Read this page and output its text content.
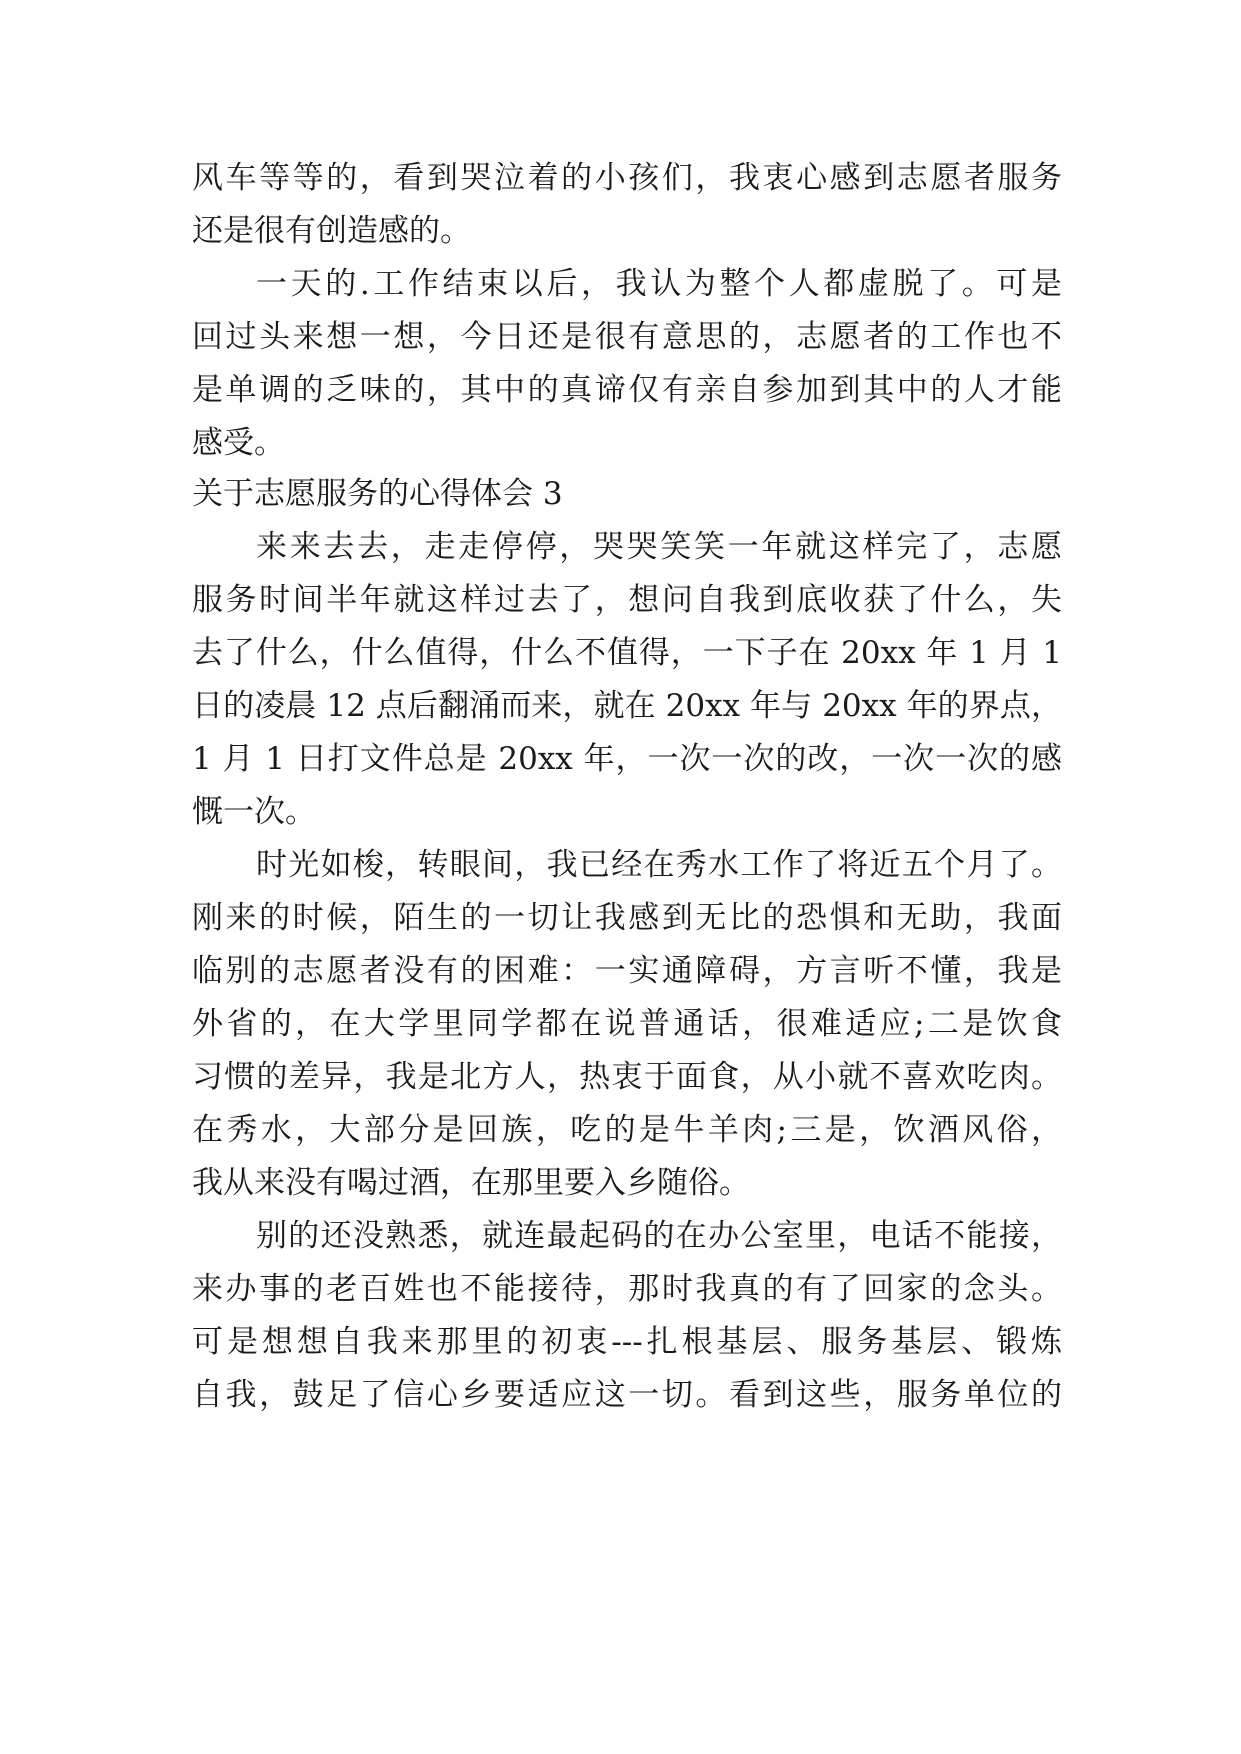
风车等等的，看到哭泣着的小孩们，我衷心感到志愿者服务
还是很有创造感的。
一天的.工作结束以后，我认为整个人都虚脱了。可是
回过头来想一想，今日还是很有意思的，志愿者的工作也不
是单调的乏味的，其中的真谛仅有亲自参加到其中的人才能
感受。
关于志愿服务的心得体会 3
来来去去，走走停停，哭哭笑笑一年就这样完了，志愿
服务时间半年就这样过去了，想问自我到底收获了什么，失
去了什么，什么值得，什么不值得，一下子在 20xx 年 1 月 1
日的凌晨 12 点后翻涌而来，就在 20xx 年与 20xx 年的界点，
1 月 1 日打文件总是 20xx 年，一次一次的改，一次一次的感
慨一次。
时光如梭，转眼间，我已经在秀水工作了将近五个月了。
刚来的时候，陌生的一切让我感到无比的恐惧和无助，我面
临别的志愿者没有的困难：一实通障碍，方言听不懂，我是
外省的，在大学里同学都在说普通话，很难适应;二是饮食
习惯的差异，我是北方人，热衷于面食，从小就不喜欢吃肉。
在秀水，大部分是回族，吃的是牛羊肉;三是，饮酒风俗，
我从来没有喝过酒，在那里要入乡随俗。
别的还没熟悉，就连最起码的在办公室里，电话不能接，
来办事的老百姓也不能接待，那时我真的有了回家的念头。
可是想想自我来那里的初衷---扎根基层、服务基层、锻炼
自我，鼓足了信心乡要适应这一切。看到这些，服务单位的
